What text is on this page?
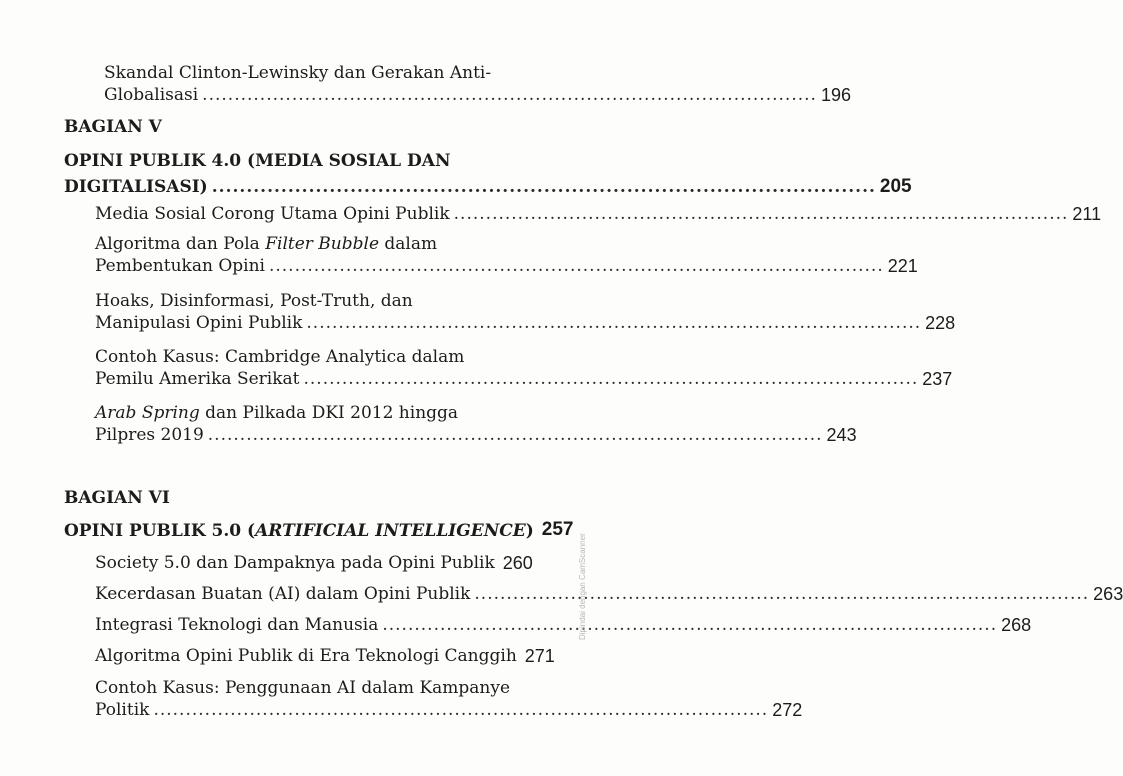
Skandal Clinton-Lewinsky dan Gerakan Anti-
Globalisasi ................................................................................................ 196
BAGIAN V
OPINI PUBLIK 4.0 (MEDIA SOSIAL DAN
DIGITALISASI) ................................................................................................ 205
Media Sosial Corong Utama Opini Publik ................................................................................................ 211
Algoritma dan Pola Filter Bubble dalam
Pembentukan Opini ................................................................................................ 221
Hoaks, Disinformasi, Post-Truth, dan
Manipulasi Opini Publik ................................................................................................ 228
Contoh Kasus: Cambridge Analytica dalam
Pemilu Amerika Serikat ................................................................................................ 237
Arab Spring dan Pilkada DKI 2012 hingga
Pilpres 2019 ................................................................................................ 243
BAGIAN VI
OPINI PUBLIK 5.0 (ARTIFICIAL INTELLIGENCE) 257
Society 5.0 dan Dampaknya pada Opini Publik 260
Kecerdasan Buatan (AI) dalam Opini Publik ................................................................................................ 263
Integrasi Teknologi dan Manusia ................................................................................................ 268
Algoritma Opini Publik di Era Teknologi Canggih 271
Contoh Kasus: Penggunaan AI dalam Kampanye
Politik ................................................................................................ 272
Dipindai dengan CamScanner
